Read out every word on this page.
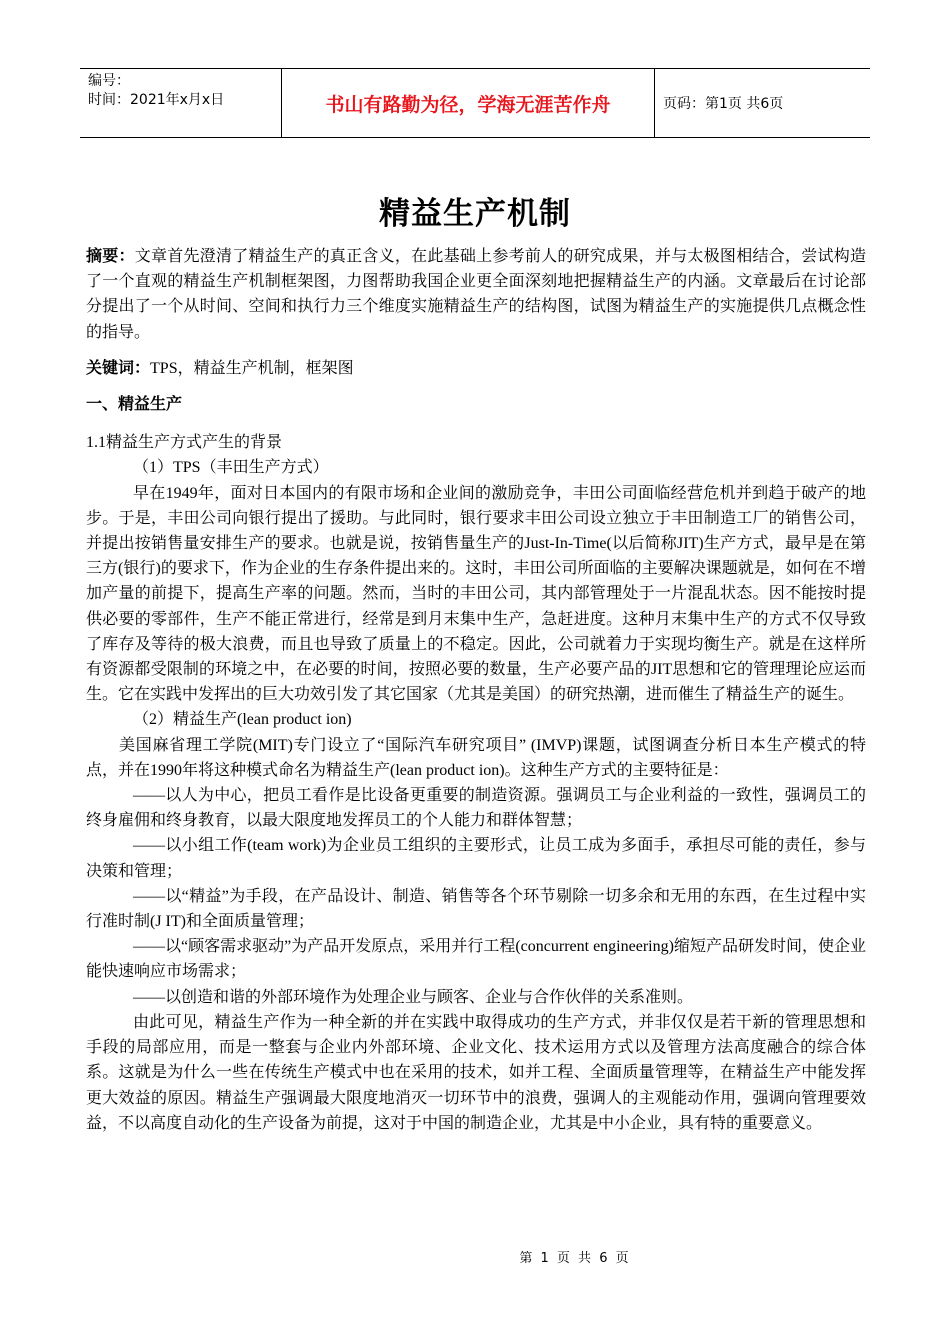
编号：
时间：2021年x月x日	书山有路勤为径，学海无涯苦作舟	页码：第1页 共6页
精益生产机制

摘要：文章首先澄清了精益生产的真正含义，在此基础上参考前人的研究成果，并与太极图相结合，尝试构造了一个直观的精益生产机制框架图，力图帮助我国企业更全面深刻地把握精益生产的内涵。文章最后在讨论部分提出了一个从时间、空间和执行力三个维度实施精益生产的结构图，试图为精益生产的实施提供几点概念性的指导。

关键词：TPS，精益生产机制，框架图

一、精益生产

1.1精益生产方式产生的背景

（1）TPS（丰田生产方式）

早在1949年，面对日本国内的有限市场和企业间的激励竞争，丰田公司面临经营危机并到趋于破产的地步。于是，丰田公司向银行提出了援助。与此同时，银行要求丰田公司设立独立于丰田制造工厂的销售公司，并提出按销售量安排生产的要求。也就是说，按销售量生产的Just-In-Time(以后简称JIT)生产方式，最早是在第三方(银行)的要求下，作为企业的生存条件提出来的。这时，丰田公司所面临的主要解决课题就是，如何在不增加产量的前提下，提高生产率的问题。然而，当时的丰田公司，其内部管理处于一片混乱状态。因不能按时提供必要的零部件，生产不能正常进行，经常是到月末集中生产，急赶进度。这种月末集中生产的方式不仅导致了库存及等待的极大浪费，而且也导致了质量上的不稳定。因此，公司就着力于实现均衡生产。就是在这样所有资源都受限制的环境之中，在必要的时间，按照必要的数量，生产必要产品的JIT思想和它的管理理论应运而生。它在实践中发挥出的巨大功效引发了其它国家（尤其是美国）的研究热潮，进而催生了精益生产的诞生。

（2）精益生产(lean product ion)

美国麻省理工学院(MIT)专门设立了“国际汽车研究项目” (IMVP)课题，试图调查分析日本生产模式的特点，并在1990年将这种模式命名为精益生产(lean product ion)。这种生产方式的主要特征是：

——以人为中心，把员工看作是比设备更重要的制造资源。强调员工与企业利益的一致性，强调员工的终身雇佣和终身教育，以最大限度地发挥员工的个人能力和群体智慧；

——以小组工作(team work)为企业员工组织的主要形式，让员工成为多面手，承担尽可能的责任，参与决策和管理；

——以“精益”为手段，在产品设计、制造、销售等各个环节剔除一切多余和无用的东西，在生过程中实行准时制(J IT)和全面质量管理；

——以“顾客需求驱动”为产品开发原点，采用并行工程(concurrent engineering)缩短产品研发时间，使企业能快速响应市场需求；

——以创造和谐的外部环境作为处理企业与顾客、企业与合作伙伴的关系准则。

由此可见，精益生产作为一种全新的并在实践中取得成功的生产方式，并非仅仅是若干新的管理思想和手段的局部应用，而是一整套与企业内外部环境、企业文化、技术运用方式以及管理方法高度融合的综合体系。这就是为什么一些在传统生产模式中也在采用的技术，如并工程、全面质量管理等，在精益生产中能发挥更大效益的原因。精益生产强调最大限度地消灭一切环节中的浪费，强调人的主观能动作用，强调向管理要效益，不以高度自动化的生产设备为前提，这对于中国的制造企业，尤其是中小企业，具有特的重要意义。

第 1 页 共 6 页
